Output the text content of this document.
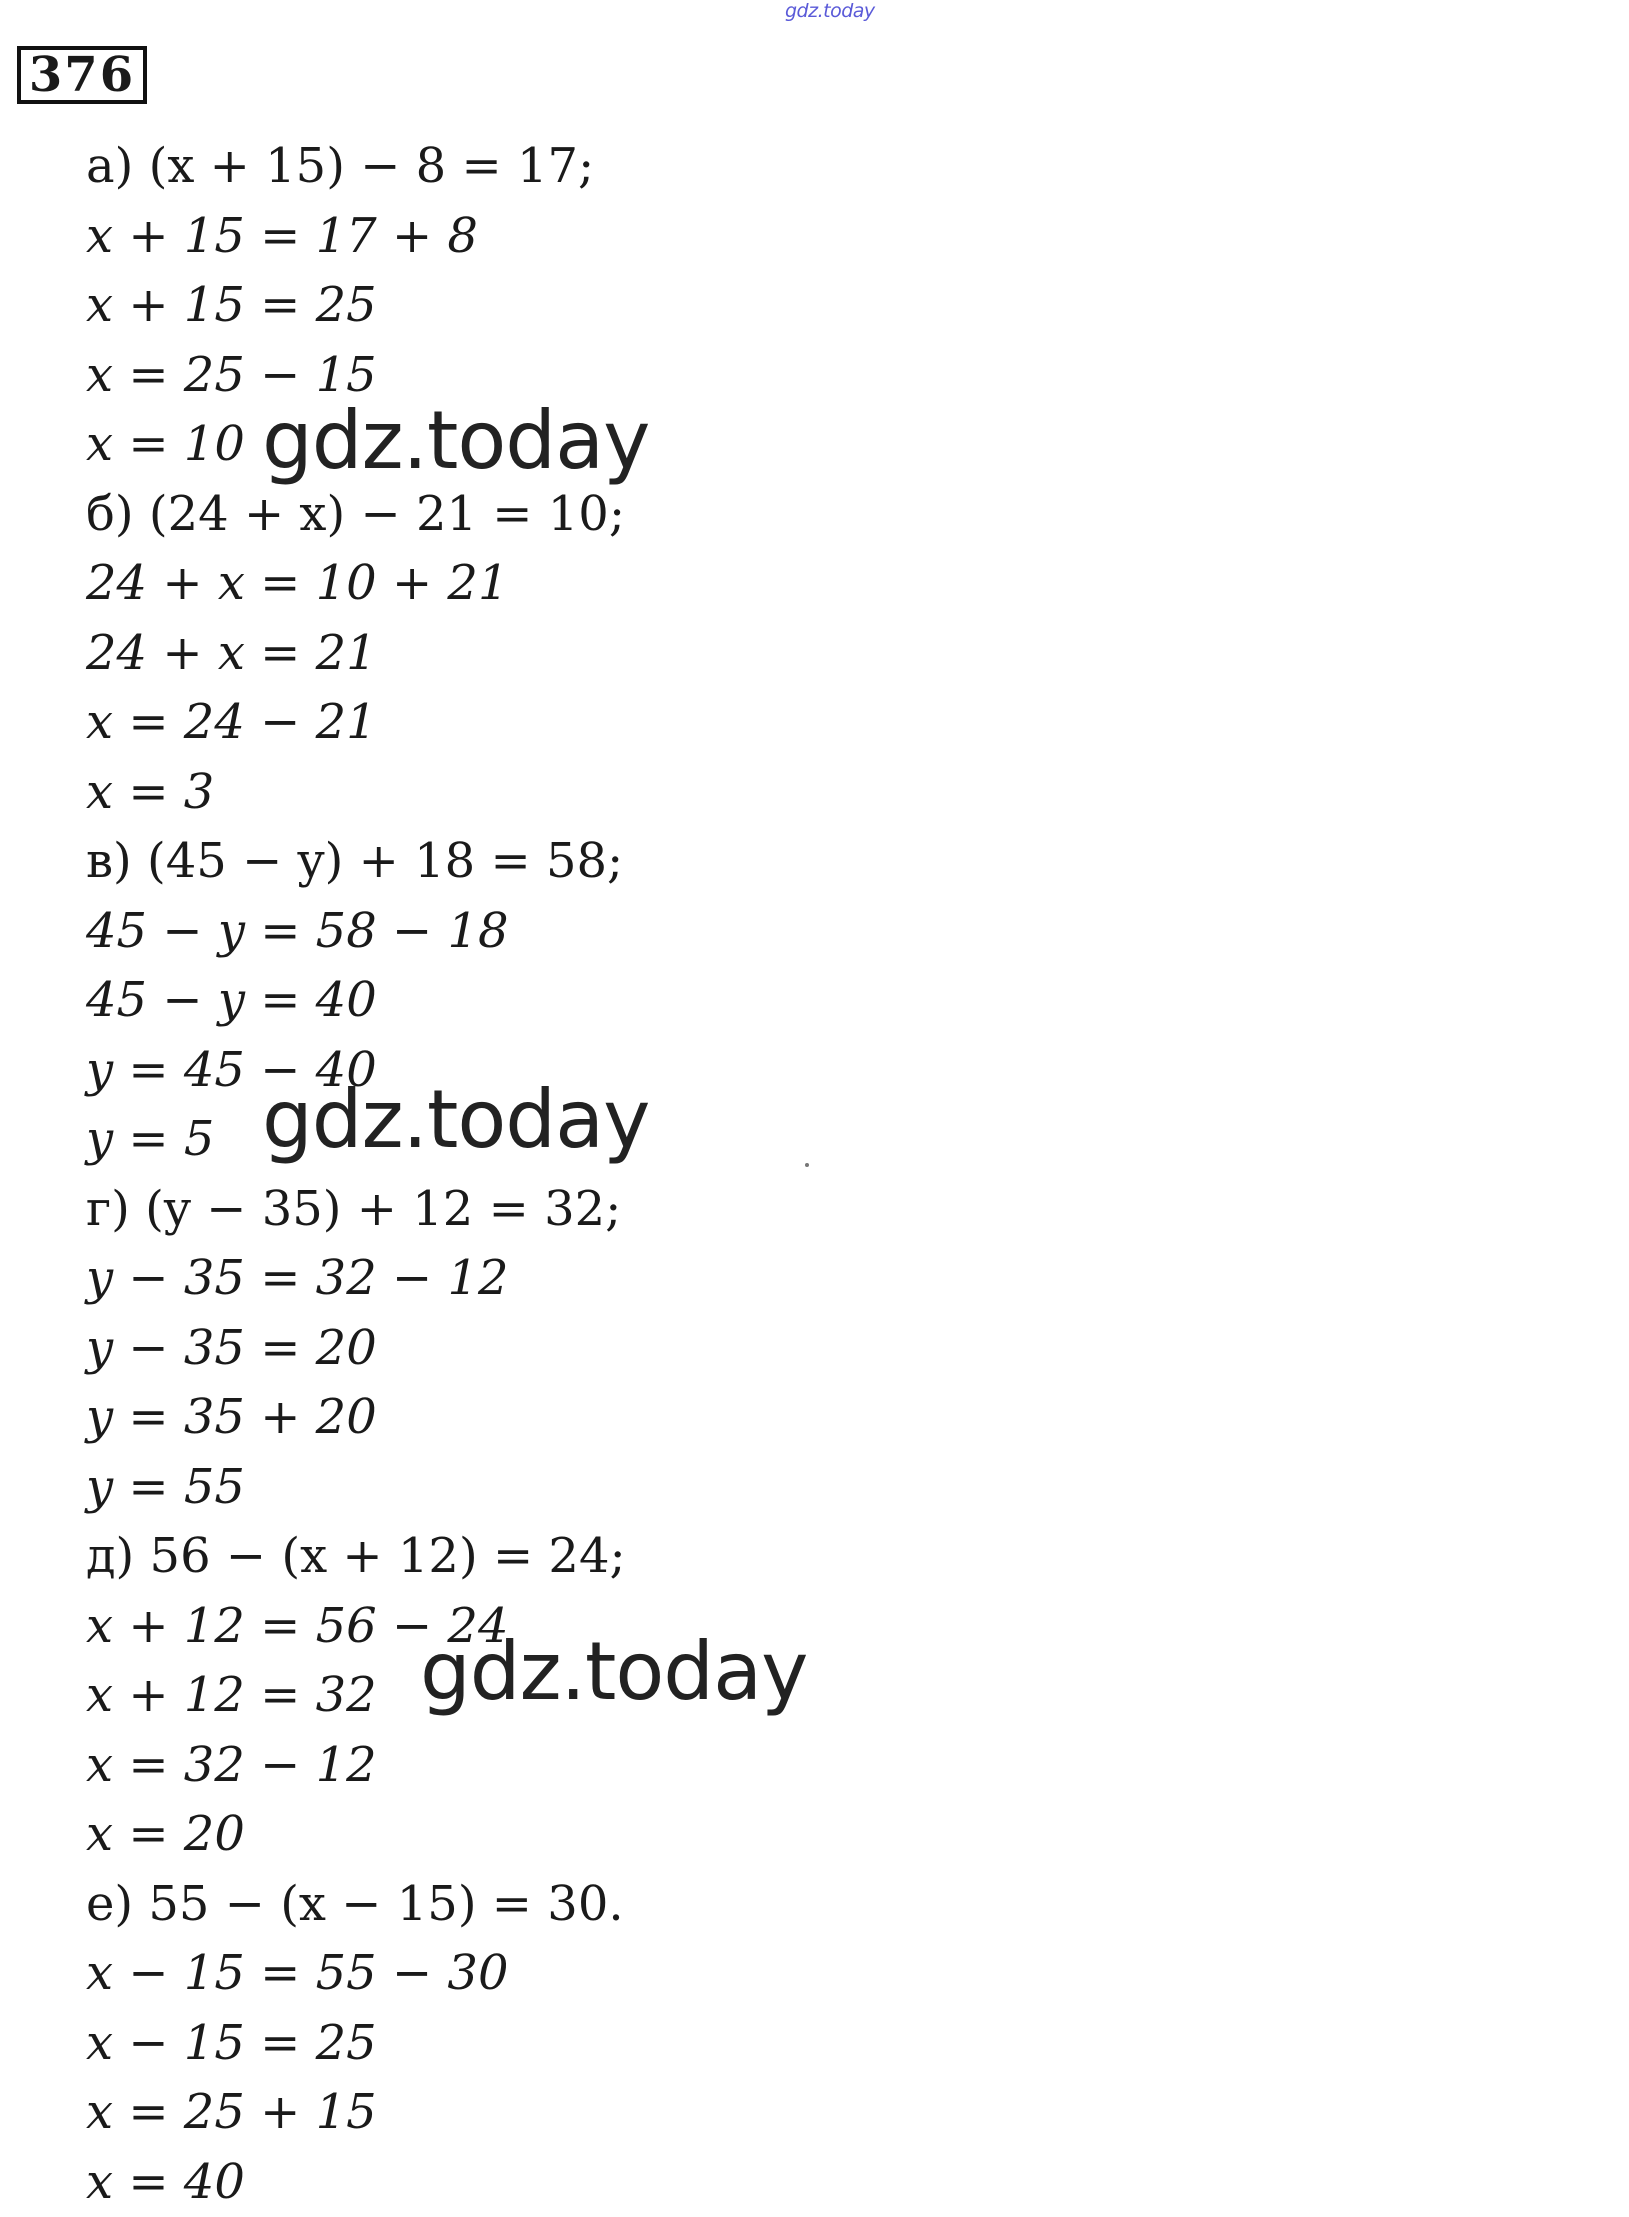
gdz.today
376
а) (x + 15) − 8 = 17;
x + 15 = 17 + 8
x + 15 = 25
x = 25 − 15
x = 10
б) (24 + x) − 21 = 10;
24 + x = 10 + 21
24 + x = 21
x = 24 − 21
x = 3
в) (45 − y) + 18 = 58;
45 − y = 58 − 18
45 − y = 40
y = 45 − 40
y = 5
г) (y − 35) + 12 = 32;
y − 35 = 32 − 12
y − 35 = 20
y = 35 + 20
y = 55
д) 56 − (x + 12) = 24;
x + 12 = 56 − 24
x + 12 = 32
x = 32 − 12
x = 20
е) 55 − (x − 15) = 30.
x − 15 = 55 − 30
x − 15 = 25
x = 25 + 15
x = 40
gdz.today
gdz.today
gdz.today
